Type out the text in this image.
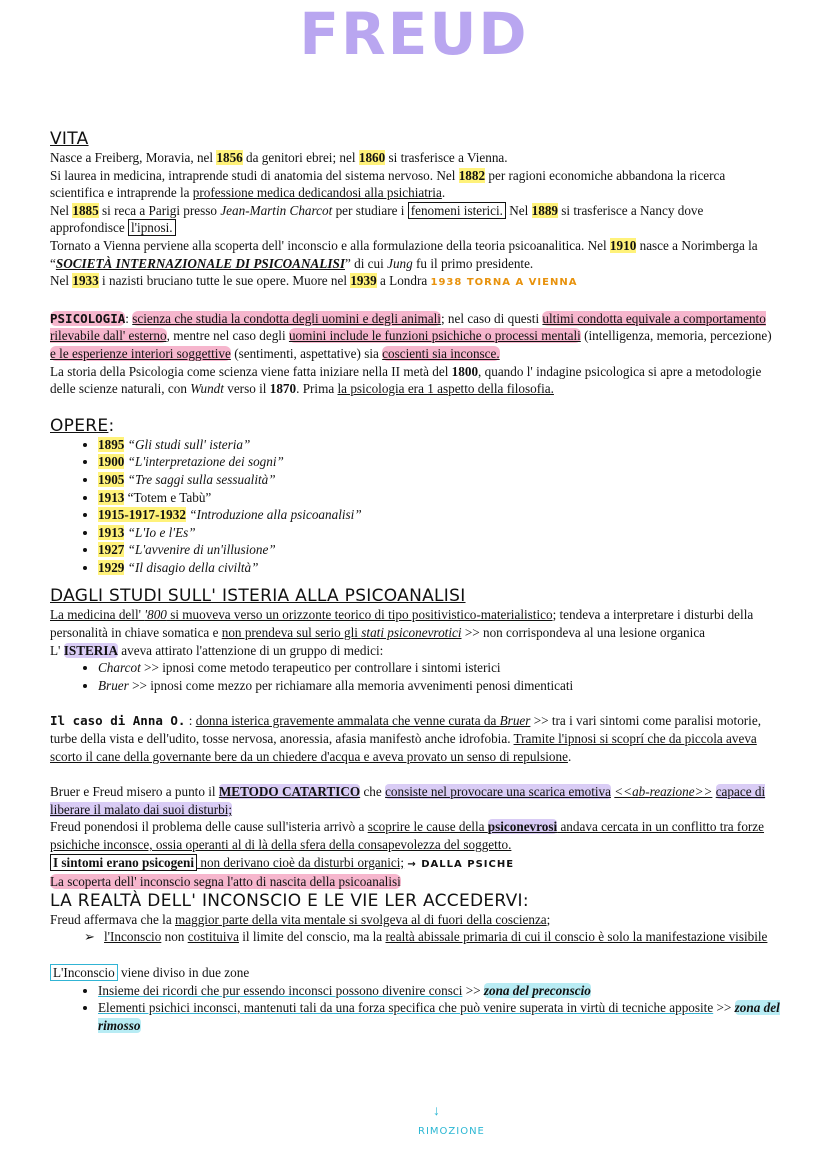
FREUD
VITA

Nasce a Freiberg, Moravia, nel 1856 da genitori ebrei; nel 1860 si trasferisce a Vienna.
Si laurea in medicina, intraprende studi di anatomia del sistema nervoso. Nel 1882 per ragioni economiche abbandona la ricerca scientifica e intraprende la professione medica dedicandosi alla psichiatria.
Nel 1885 si reca a Parigi presso Jean-Martin Charcot per studiare i fenomeni isterici. Nel 1889 si trasferisce a Nancy dove approfondisce l'ipnosi.
Tornato a Vienna perviene alla scoperta dell' inconscio e alla formulazione della teoria psicoanalitica. Nel 1910 nasce a Norimberga la “SOCIETÀ INTERNAZIONALE DI PSICOANALISI” di cui Jung fu il primo presidente.
Nel 1933 i nazisti bruciano tutte le sue opere. Muore nel 1939 a Londra 1938 TORNA A VIENNA

PSICOLOGIA: scienza che studia la condotta degli uomini e degli animali; nel caso di questi ultimi condotta equivale a comportamento rilevabile dall' esterno, mentre nel caso degli uomini include le funzioni psichiche o processi mentali (intelligenza, memoria, percezione) e le esperienze interiori soggettive (sentimenti, aspettative) sia coscienti sia inconsce.

La storia della Psicologia come scienza viene fatta iniziare nella II metà del 1800, quando l' indagine psicologica si apre a metodologie delle scienze naturali, con Wundt verso il 1870. Prima la psicologia era 1 aspetto della filosofia.

OPERE:
• 1895 “Gli studi sull' isteria”
• 1900 “L'interpretazione dei sogni”
• 1905 “Tre saggi sulla sessualità”
• 1913 “Totem e Tabù”
• 1915-1917-1932 “Introduzione alla psicoanalisi”
• 1913 “L'Io e l'Es”
• 1927 “L'avvenire di un'illusione”
• 1929 “Il disagio della civiltà”
DAGLI STUDI SULL' ISTERIA ALLA PSICOANALISI

La medicina dell' '800 si muoveva verso un orizzonte teorico di tipo positivistico-materialistico; tendeva a interpretare i disturbi della personalità in chiave somatica e non prendeva sul serio gli stati psiconevrotici >> non corrispondeva al una lesione organica

L' ISTERIA aveva attirato l'attenzione di un gruppo di medici:

• Charcot >> ipnosi come metodo terapeutico per controllare i sintomi isterici
• Bruer >> ipnosi come mezzo per richiamare alla memoria avvenimenti penosi dimenticati

Il caso di Anna O. : donna isterica gravemente ammalata che venne curata da Bruer >> tra i vari sintomi come paralisi motorie, turbe della vista e dell'udito, tosse nervosa, anoressia, afasia manifestò anche idrofobia. Tramite l'ipnosi si scoprí che da piccola aveva scorto il cane della governante bere da un chiedere d'acqua e aveva provato un senso di repulsione.

Bruer e Freud misero a punto il METODO CATARTICO che consiste nel provocare una scarica emotiva <<ab-reazione>> capace di liberare il malato dai suoi disturbi;

Freud ponendosi il problema delle cause sull'isteria arrivò a scoprire le cause della psiconevrosi andava cercata in un conflitto tra forze psichiche inconsce, ossia operanti al di là della sfera della consapevolezza del soggetto.

I sintomi erano psicogeni non derivano cioè da disturbi organici; → DALLA PSICHE

La scoperta dell' inconscio segna l'atto di nascita della psicoanalisi

LA REALTÀ DELL' INCONSCIO E LE VIE LER ACCEDERVI:

Freud affermava che la maggior parte della vita mentale si svolgeva al di fuori della coscienza;

➢ l'Inconscio non costituiva il limite del conscio, ma la realtà abissale primaria di cui il conscio è solo la manifestazione visibile

L'Inconscio viene diviso in due zone

• Insieme dei ricordi che pur essendo inconsci possono divenire consci >> zona del preconscio
• Elementi psichici inconsci, mantenuti tali da una forza specifica che può venire superata in virtù di tecniche apposite >> zona del rimosso
↓
RIMOZIONE
